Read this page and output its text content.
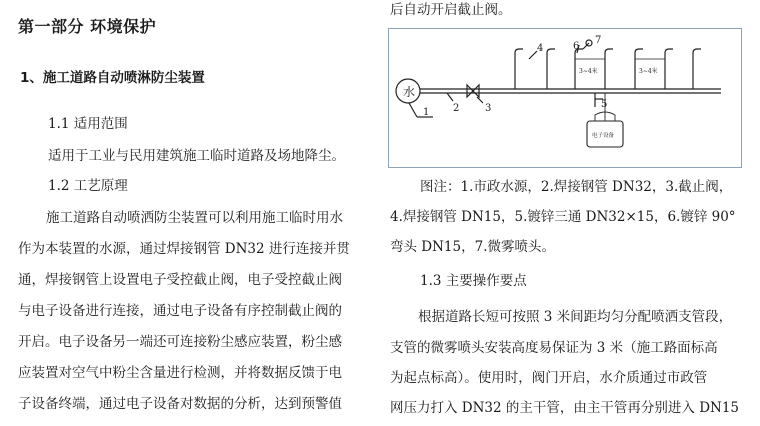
第一部分 环境保护
1、施工道路自动喷淋防尘装置
1.1 适用范围
适用于工业与民用建筑施工临时道路及场地降尘。
1.2 工艺原理
施工道路自动喷洒防尘装置可以利用施工临时用水
作为本装置的水源，通过焊接钢管 DN32 进行连接并贯
通，焊接钢管上设置电子受控截止阀，电子受控截止阀
与电子设备进行连接，通过电子设备有序控制截止阀的
开启。电子设备另一端还可连接粉尘感应装置，粉尘感
应装置对空气中粉尘含量进行检测，并将数据反馈于电
子设备终端，通过电子设备对数据的分析，达到预警值
后自动开启截止阀。
图注：1.市政水源，2.焊接钢管 DN32，3.截止阀，
4.焊接钢管 DN15，5.镀锌三通 DN32×15，6.镀锌 90°
弯头 DN15，7.微雾喷头。
1.3 主要操作要点
根据道路长短可按照 3 米间距均匀分配喷洒支管段，
支管的微雾喷头安装高度易保证为 3 米（施工路面标高
为起点标高）。使用时，阀门开启，水介质通过市政管
网压力打入 DN32 的主干管，由主干管再分别进入 DN15
水
1 2	3
4
5
6
7
3~4米	3~4米
电子设备
